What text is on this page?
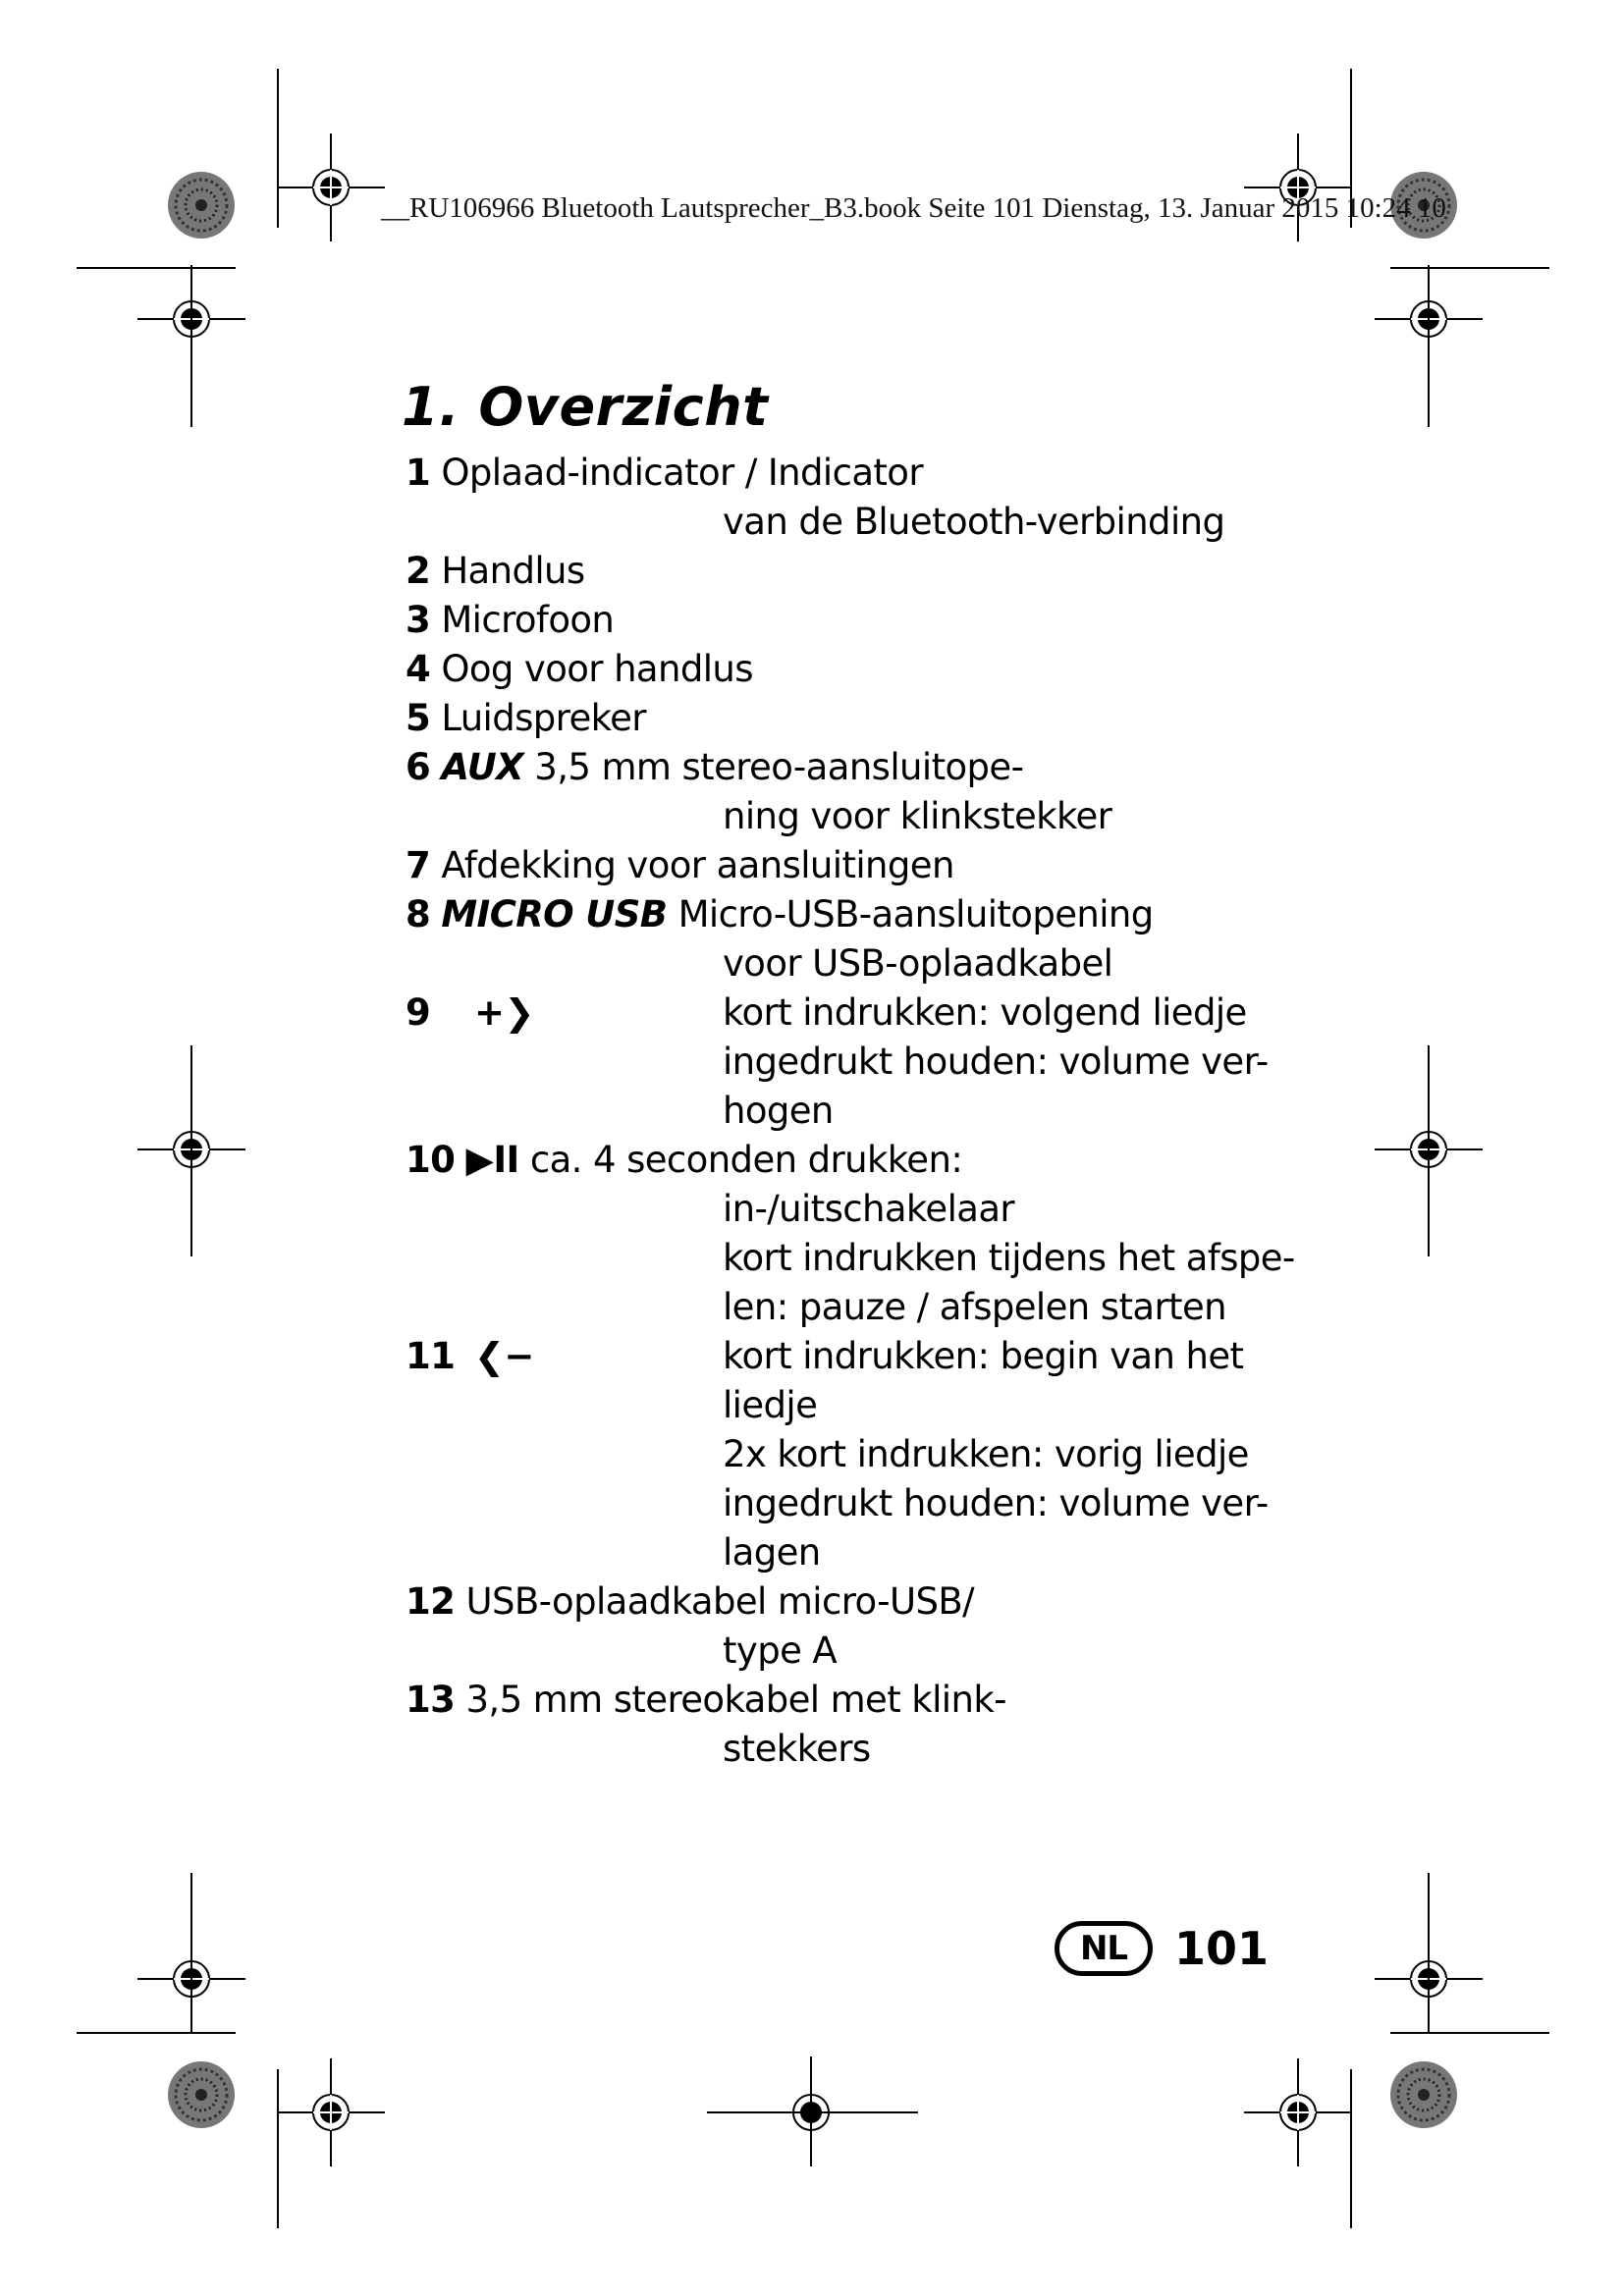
__RU106966 Bluetooth Lautsprecher_B3.book Seite 101 Dienstag, 13. Januar 2015 10:24 10
1. Overzicht
1 Oplaad-indicator / Indicator
van de Bluetooth-verbinding
2 Handlus
3 Microfoon
4 Oog voor handlus
5 Luidspreker
6 AUX 3,5 mm stereo-aansluitope-
ning voor klinkstekker
7 Afdekking voor aansluitingen
8 MICRO USB Micro-USB-aansluitopening
voor USB-oplaadkabel
9 +❯	kort indrukken: volgend liedje
ingedrukt houden: volume ver-
hogen
10 ▶II ca. 4 seconden drukken:
in-/uitschakelaar
kort indrukken tijdens het afspe-
len: pauze / afspelen starten
11 ❮−	kort indrukken: begin van het
liedje
2x kort indrukken: vorig liedje
ingedrukt houden: volume ver-
lagen
12 USB-oplaadkabel micro-USB/
type A
13 3,5 mm stereokabel met klink-
stekkers
NL	101
